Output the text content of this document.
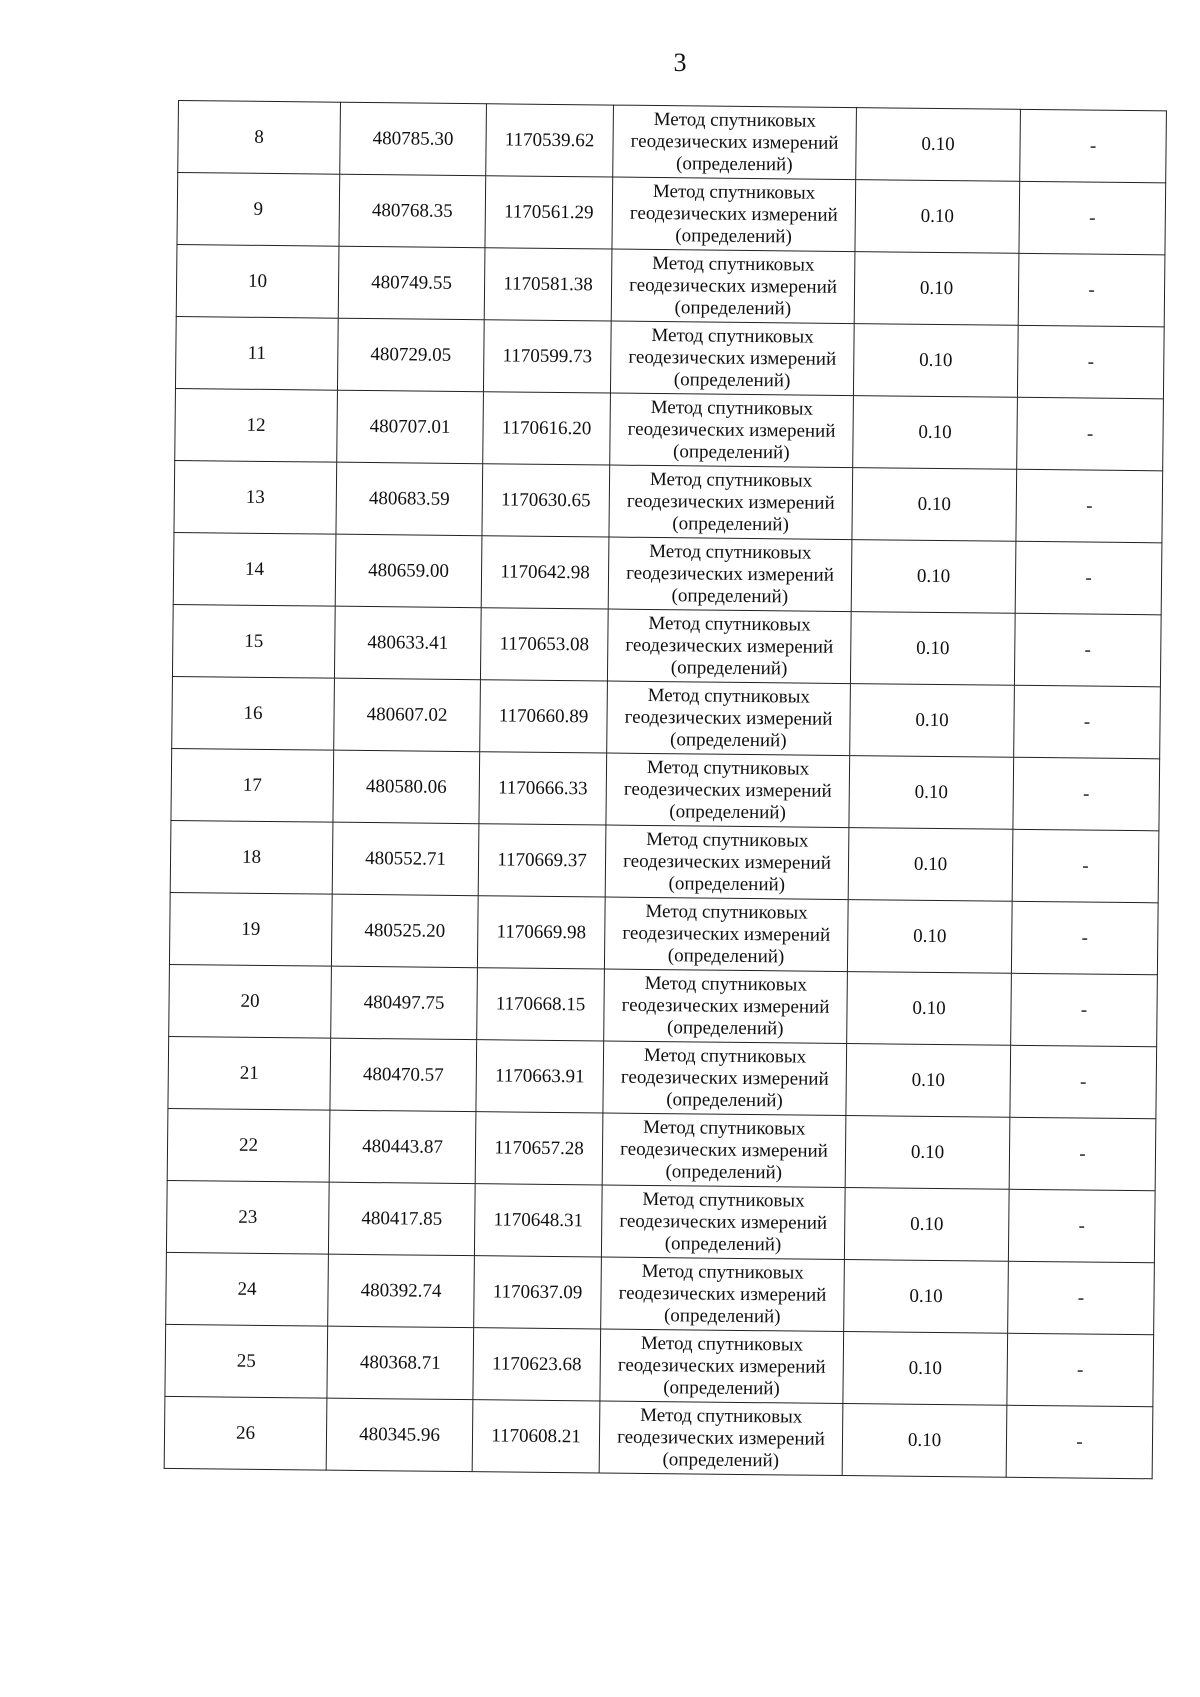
3
8	480785.30	1170539.62	Метод спутниковых
геодезических измерений
(определений)	0.10	-
9	480768.35	1170561.29	Метод спутниковых
геодезических измерений
(определений)	0.10	-
10	480749.55	1170581.38	Метод спутниковых
геодезических измерений
(определений)	0.10	-
11	480729.05	1170599.73	Метод спутниковых
геодезических измерений
(определений)	0.10	-
12	480707.01	1170616.20	Метод спутниковых
геодезических измерений
(определений)	0.10	-
13	480683.59	1170630.65	Метод спутниковых
геодезических измерений
(определений)	0.10	-
14	480659.00	1170642.98	Метод спутниковых
геодезических измерений
(определений)	0.10	-
15	480633.41	1170653.08	Метод спутниковых
геодезических измерений
(определений)	0.10	-
16	480607.02	1170660.89	Метод спутниковых
геодезических измерений
(определений)	0.10	-
17	480580.06	1170666.33	Метод спутниковых
геодезических измерений
(определений)	0.10	-
18	480552.71	1170669.37	Метод спутниковых
геодезических измерений
(определений)	0.10	-
19	480525.20	1170669.98	Метод спутниковых
геодезических измерений
(определений)	0.10	-
20	480497.75	1170668.15	Метод спутниковых
геодезических измерений
(определений)	0.10	-
21	480470.57	1170663.91	Метод спутниковых
геодезических измерений
(определений)	0.10	-
22	480443.87	1170657.28	Метод спутниковых
геодезических измерений
(определений)	0.10	-
23	480417.85	1170648.31	Метод спутниковых
геодезических измерений
(определений)	0.10	-
24	480392.74	1170637.09	Метод спутниковых
геодезических измерений
(определений)	0.10	-
25	480368.71	1170623.68	Метод спутниковых
геодезических измерений
(определений)	0.10	-
26	480345.96	1170608.21	Метод спутниковых
геодезических измерений
(определений)	0.10	-
